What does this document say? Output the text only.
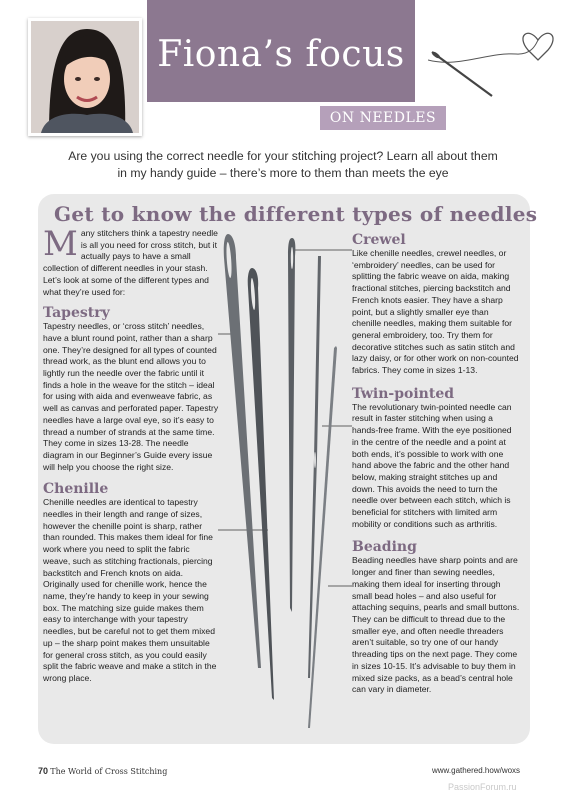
Fiona’s focus
ON NEEDLES

Are you using the correct needle for your stitching project? Learn all about them in my handy guide – there’s more to them than meets the eye

Get to know the different types of needles

Many stitchers think a tapestry needle is all you need for cross stitch, but it actually pays to have a small collection of different needles in your stash. Let’s look at some of the different types and what they’re used for:

Tapestry

Tapestry needles, or ‘cross stitch’ needles, have a blunt round point, rather than a sharp one. They’re designed for all types of counted thread work, as the blunt end allows you to lightly run the needle over the fabric until it finds a hole in the weave for the stitch – ideal for using with aida and evenweave fabric, as well as canvas and perforated paper. Tapestry needles have a large oval eye, so it’s easy to thread a number of strands at the same time. They come in sizes 13-28. The needle diagram in our Beginner’s Guide every issue will help you choose the right size.

Chenille

Chenille needles are identical to tapestry needles in their length and range of sizes, however the chenille point is sharp, rather than rounded. This makes them ideal for fine work where you need to split the fabric weave, such as stitching fractionals, piercing backstitch and French knots on aida. Originally used for chenille work, hence the name, they’re handy to keep in your sewing box. The matching size guide makes them easy to interchange with your tapestry needles, but be careful not to get them mixed up – the sharp point makes them unsuitable for general cross stitch, as you could easily split the fabric weave and make a stitch in the wrong place.

Crewel

Like chenille needles, crewel needles, or ‘embroidery’ needles, can be used for splitting the fabric weave on aida, making fractional stitches, piercing backstitch and French knots easier. They have a sharp point, but a slightly smaller eye than chenille needles, making them suitable for general embroidery, too. Try them for decorative stitches such as satin stitch and lazy daisy, or for other work on non-counted fabrics. They come in sizes 1-13.

Twin-pointed

The revolutionary twin-pointed needle can result in faster stitching when using a hands-free frame. With the eye positioned in the centre of the needle and a point at both ends, it’s possible to work with one hand above the fabric and the other hand below, making straight stitches up and down. This avoids the need to turn the needle over between each stitch, which is beneficial for stitchers with limited arm mobility or conditions such as arthritis.

Beading

Beading needles have sharp points and are longer and finer than sewing needles, making them ideal for inserting through small bead holes – and also useful for attaching sequins, pearls and small buttons. They can be difficult to thread due to the smaller eye, and often needle threaders aren’t suitable, so try one of our handy threading tips on the next page. They come in sizes 10-15. It’s advisable to buy them in mixed size packs, as a bead’s central hole can vary in diameter.

70 The World of Cross Stitching	www.gathered.how/woxs
PassionForum.ru
